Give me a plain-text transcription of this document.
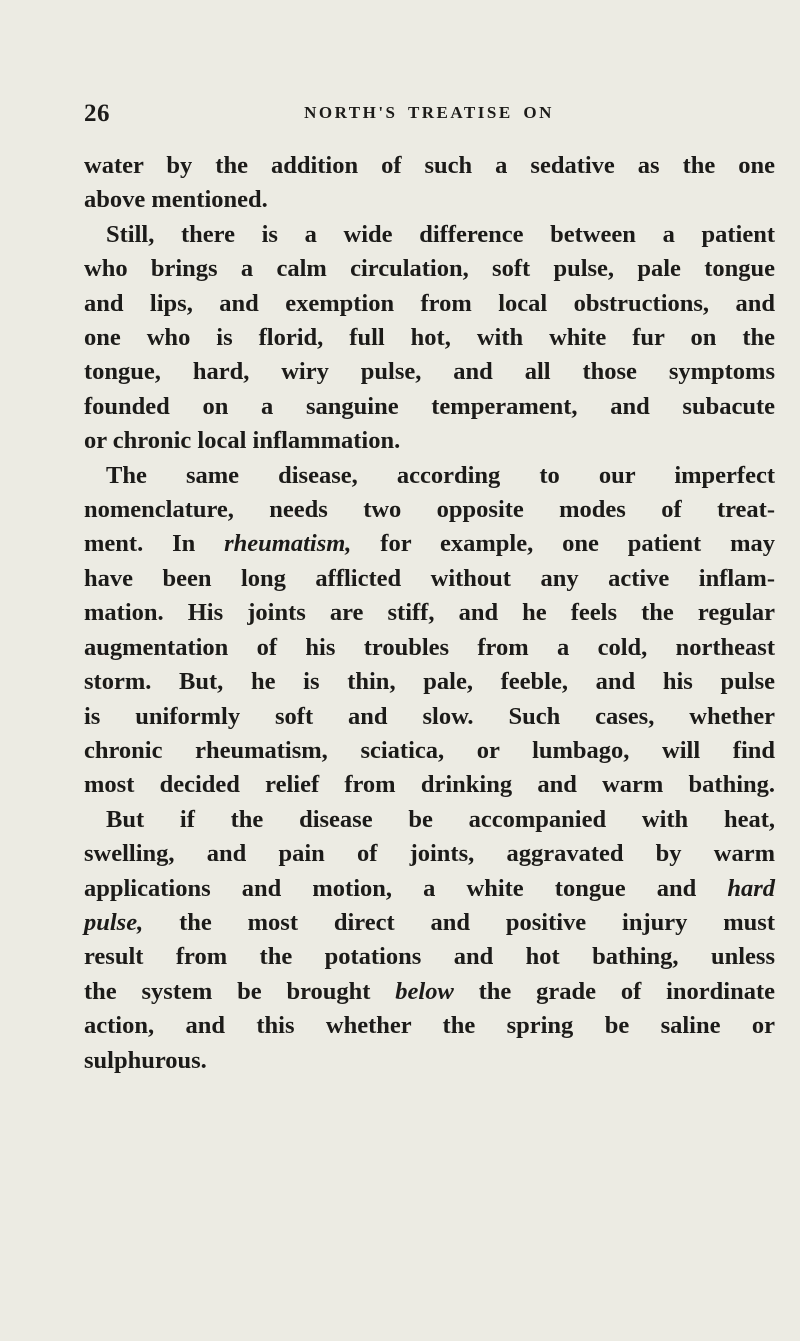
26	NORTH'S TREATISE ON

water by the addition of such a sedative as the one
above mentioned.

Still, there is a wide difference between a patient
who brings a calm circulation, soft pulse, pale tongue
and lips, and exemption from local obstructions, and
one who is florid, full hot, with white fur on the
tongue, hard, wiry pulse, and all those symptoms
founded on a sanguine temperament, and subacute
or chronic local inflammation.

The same disease, according to our imperfect
nomenclature, needs two opposite modes of treat-
ment. In rheumatism, for example, one patient may
have been long afflicted without any active inflam-
mation. His joints are stiff, and he feels the regular
augmentation of his troubles from a cold, northeast
storm. But, he is thin, pale, feeble, and his pulse
is uniformly soft and slow. Such cases, whether
chronic rheumatism, sciatica, or lumbago, will find
most decided relief from drinking and warm bathing.
But if the disease be accompanied with heat,
swelling, and pain of joints, aggravated by warm
applications and motion, a white tongue and hard
pulse, the most direct and positive injury must
result from the potations and hot bathing, unless
the system be brought below the grade of inordinate
action, and this whether the spring be saline or
sulphurous.
